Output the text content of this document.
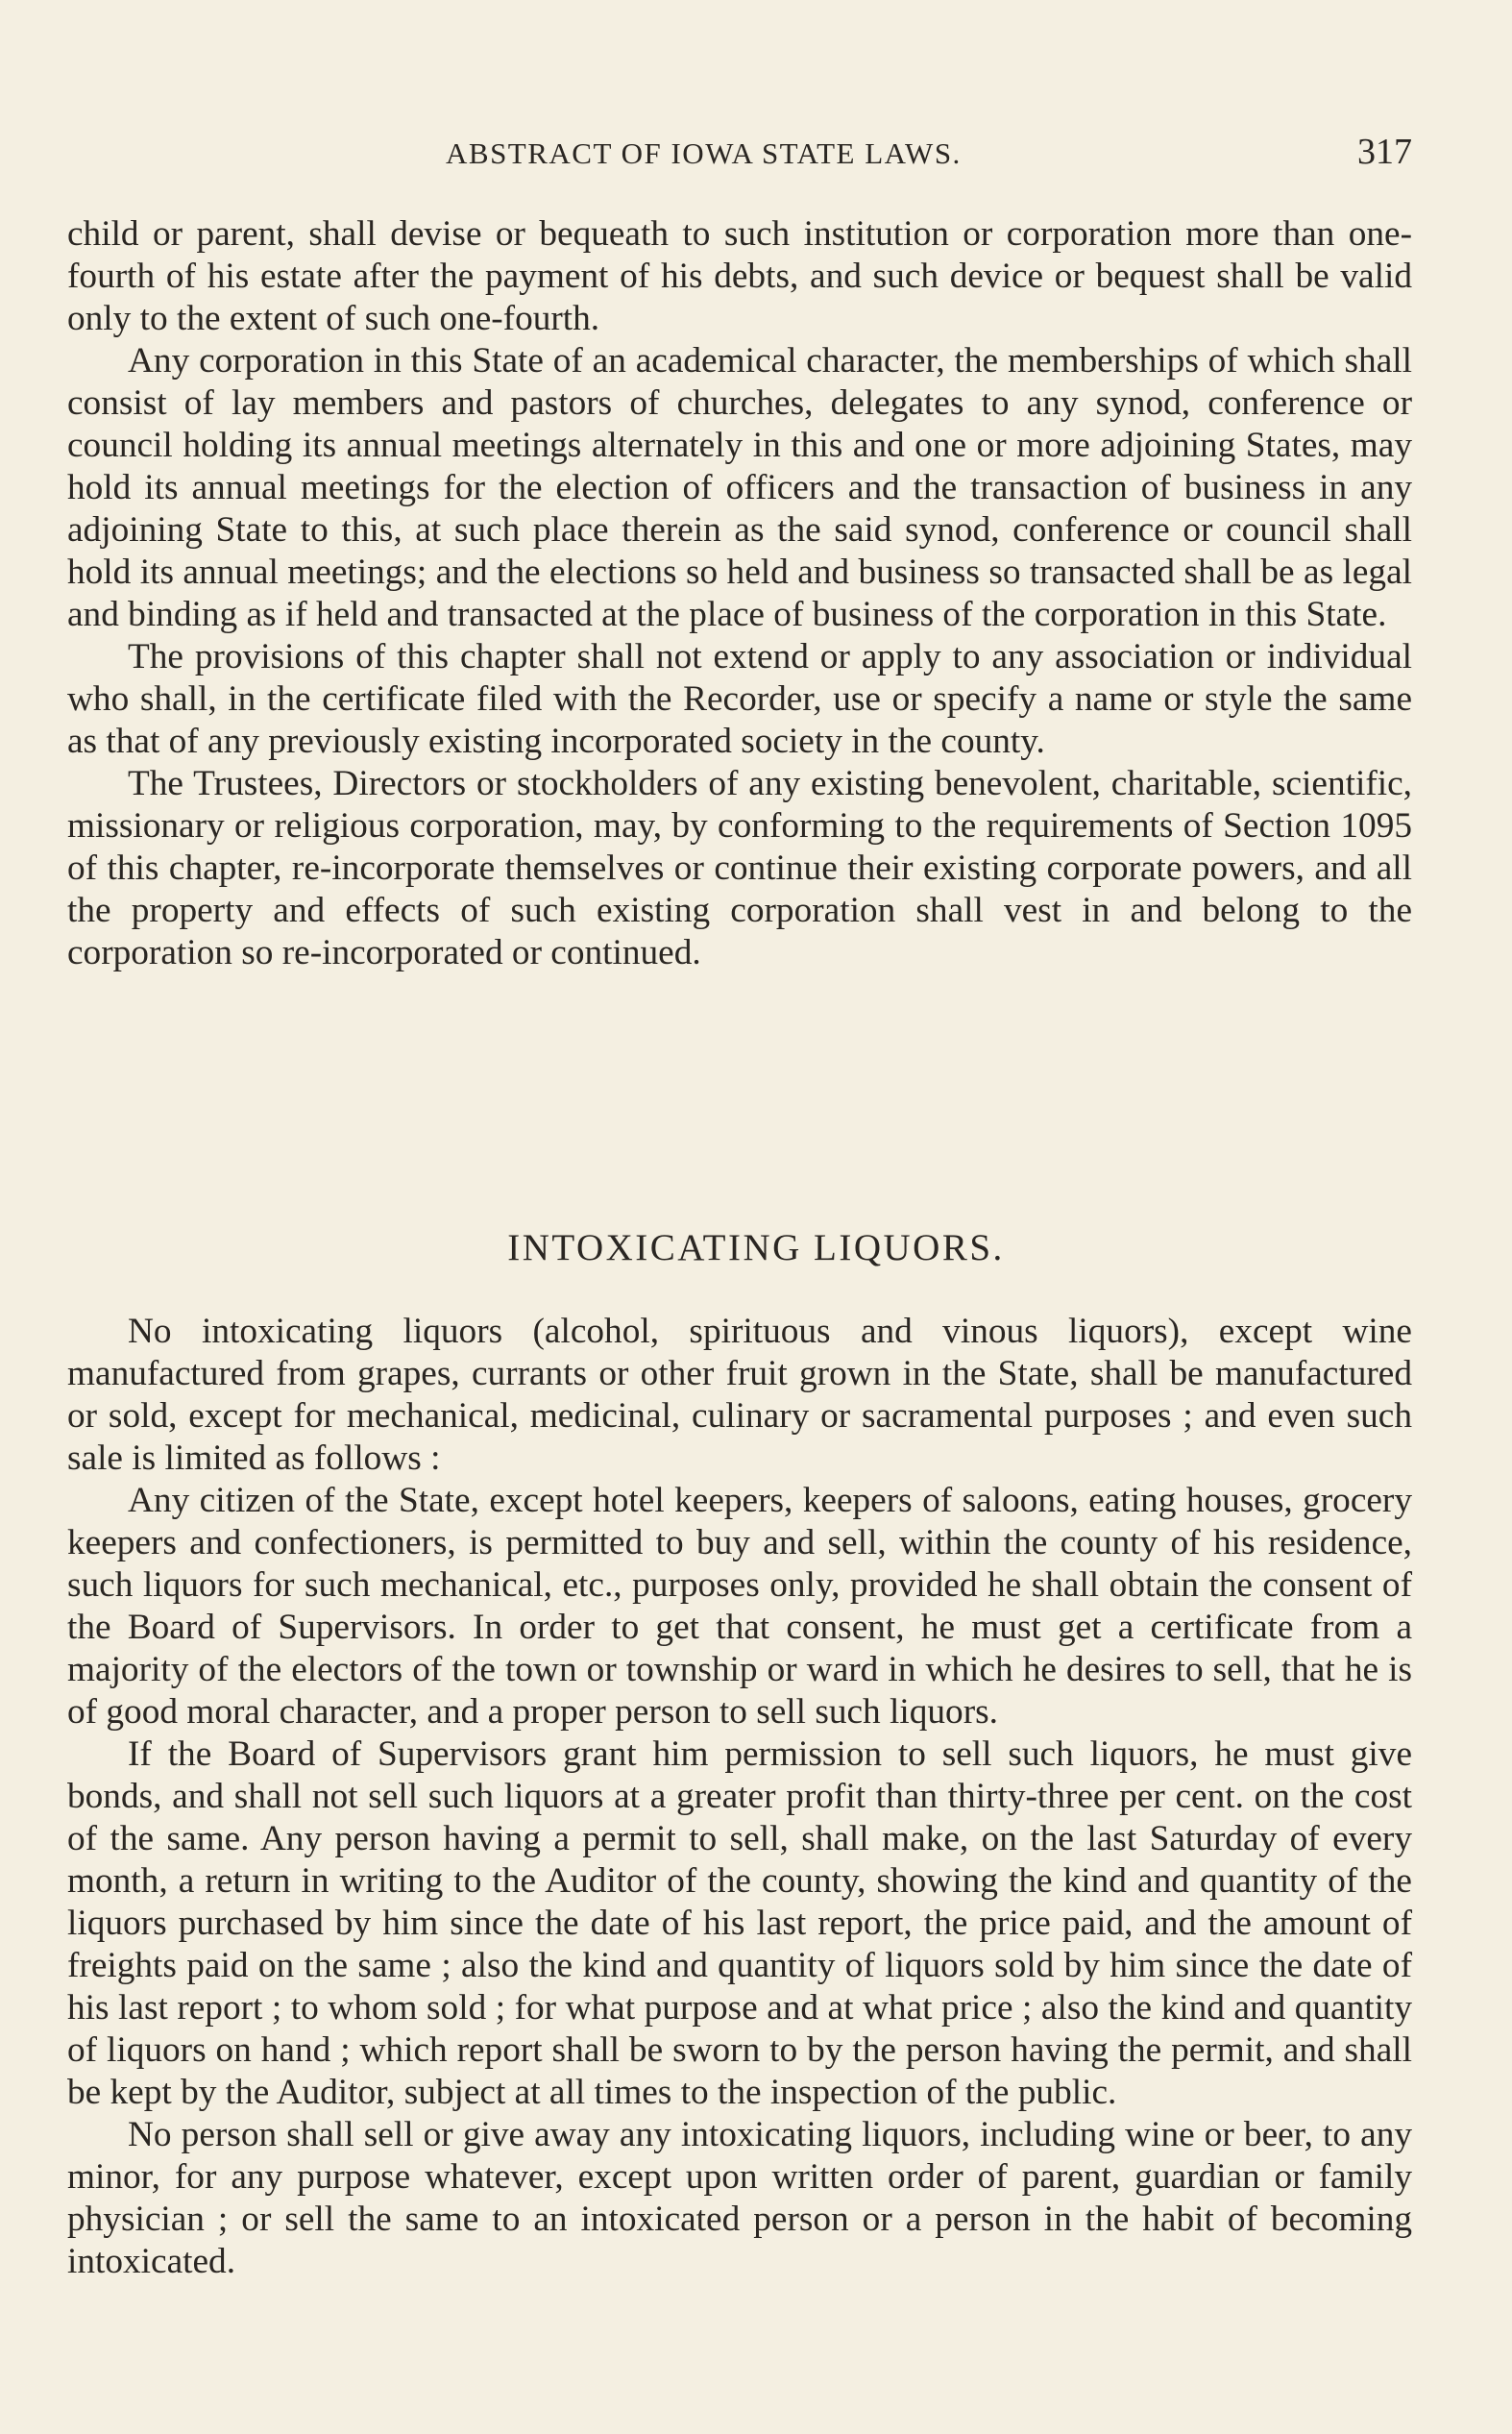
ABSTRACT OF IOWA STATE LAWS.	317

child or parent, shall devise or bequeath to such institution or corporation more than one-fourth of his estate after the payment of his debts, and such device or bequest shall be valid only to the extent of such one-fourth.

Any corporation in this State of an academical character, the memberships of which shall consist of lay members and pastors of churches, delegates to any synod, conference or council holding its annual meetings alternately in this and one or more adjoining States, may hold its annual meetings for the election of officers and the transaction of business in any adjoining State to this, at such place therein as the said synod, conference or council shall hold its annual meetings; and the elections so held and business so transacted shall be as legal and binding as if held and transacted at the place of business of the corporation in this State.

The provisions of this chapter shall not extend or apply to any association or individual who shall, in the certificate filed with the Recorder, use or specify a name or style the same as that of any previously existing incorporated society in the county.

The Trustees, Directors or stockholders of any existing benevolent, charitable, scientific, missionary or religious corporation, may, by conforming to the requirements of Section 1095 of this chapter, re-incorporate themselves or continue their existing corporate powers, and all the property and effects of such existing corporation shall vest in and belong to the corporation so re-incorporated or continued.

INTOXICATING LIQUORS.

No intoxicating liquors (alcohol, spirituous and vinous liquors), except wine manufactured from grapes, currants or other fruit grown in the State, shall be manufactured or sold, except for mechanical, medicinal, culinary or sacramental purposes ; and even such sale is limited as follows :

Any citizen of the State, except hotel keepers, keepers of saloons, eating houses, grocery keepers and confectioners, is permitted to buy and sell, within the county of his residence, such liquors for such mechanical, etc., purposes only, provided he shall obtain the consent of the Board of Supervisors. In order to get that consent, he must get a certificate from a majority of the electors of the town or township or ward in which he desires to sell, that he is of good moral character, and a proper person to sell such liquors.

If the Board of Supervisors grant him permission to sell such liquors, he must give bonds, and shall not sell such liquors at a greater profit than thirty-three per cent. on the cost of the same. Any person having a permit to sell, shall make, on the last Saturday of every month, a return in writing to the Auditor of the county, showing the kind and quantity of the liquors purchased by him since the date of his last report, the price paid, and the amount of freights paid on the same ; also the kind and quantity of liquors sold by him since the date of his last report ; to whom sold ; for what purpose and at what price ; also the kind and quantity of liquors on hand ; which report shall be sworn to by the person having the permit, and shall be kept by the Auditor, subject at all times to the inspection of the public.

No person shall sell or give away any intoxicating liquors, including wine or beer, to any minor, for any purpose whatever, except upon written order of parent, guardian or family physician ; or sell the same to an intoxicated person or a person in the habit of becoming intoxicated.
